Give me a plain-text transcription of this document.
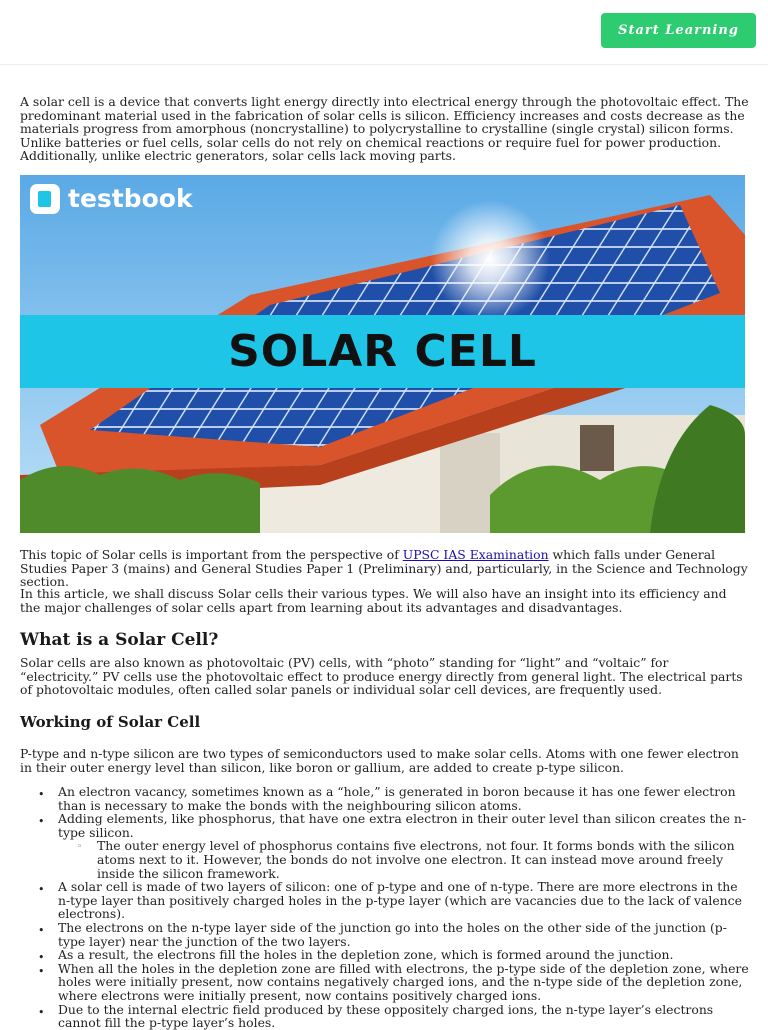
Start Learning

A solar cell is a device that converts light energy directly into electrical energy through the photovoltaic effect. The predominant material used in the fabrication of solar cells is silicon. Efficiency increases and costs decrease as the materials progress from amorphous (noncrystalline) to polycrystalline to crystalline (single crystal) silicon forms. Unlike batteries or fuel cells, solar cells do not rely on chemical reactions or require fuel for power production. Additionally, unlike electric generators, solar cells lack moving parts.

testbook
SOLAR CELL

This topic of Solar cells is important from the perspective of UPSC IAS Examination which falls under General Studies Paper 3 (mains) and General Studies Paper 1 (Preliminary) and, particularly, in the Science and Technology section.

In this article, we shall discuss Solar cells their various types. We will also have an insight into its efficiency and the major challenges of solar cells apart from learning about its advantages and disadvantages.

What is a Solar Cell?

Solar cells are also known as photovoltaic (PV) cells, with “photo” standing for “light” and “voltaic” for “electricity.” PV cells use the photovoltaic effect to produce energy directly from general light. The electrical parts of photovoltaic modules, often called solar panels or individual solar cell devices, are frequently used.

Working of Solar Cell

P-type and n-type silicon are two types of semiconductors used to make solar cells. Atoms with one fewer electron in their outer energy level than silicon, like boron or gallium, are added to create p-type silicon.

• An electron vacancy, sometimes known as a “hole,” is generated in boron because it has one fewer electron than is necessary to make the bonds with the neighbouring silicon atoms.
• Adding elements, like phosphorus, that have one extra electron in their outer level than silicon creates the n-type silicon.
◦ The outer energy level of phosphorus contains five electrons, not four. It forms bonds with the silicon atoms next to it. However, the bonds do not involve one electron. It can instead move around freely inside the silicon framework.
• A solar cell is made of two layers of silicon: one of p-type and one of n-type. There are more electrons in the n-type layer than positively charged holes in the p-type layer (which are vacancies due to the lack of valence electrons).
• The electrons on the n-type layer side of the junction go into the holes on the other side of the junction (p-type layer) near the junction of the two layers.
• As a result, the electrons fill the holes in the depletion zone, which is formed around the junction.
• When all the holes in the depletion zone are filled with electrons, the p-type side of the depletion zone, where holes were initially present, now contains negatively charged ions, and the n-type side of the depletion zone, where electrons were initially present, now contains positively charged ions.
• Due to the internal electric field produced by these oppositely charged ions, the n-type layer’s electrons cannot fill the p-type layer’s holes.
